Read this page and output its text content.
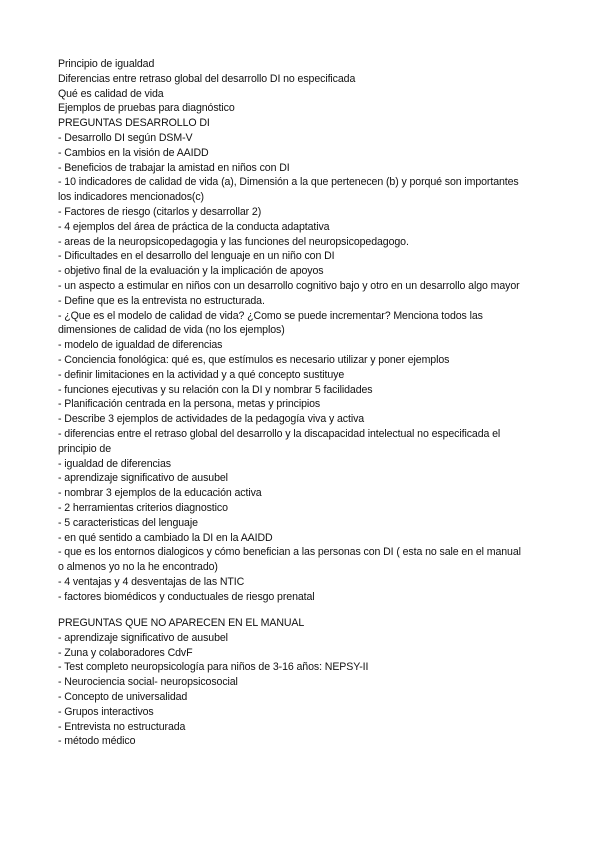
Principio de igualdad
Diferencias entre retraso global del desarrollo DI no especificada
Qué es calidad de vida
Ejemplos de pruebas para diagnóstico
PREGUNTAS DESARROLLO DI
- Desarrollo DI según DSM-V
- Cambios en la visión de AAIDD
- Beneficios de trabajar la amistad en niños con DI
- 10 indicadores de calidad de vida (a), Dimensión a la que pertenecen (b) y porqué son importantes los indicadores mencionados(c)
- Factores de riesgo (citarlos y desarrollar 2)
- 4 ejemplos del área de práctica de la conducta adaptativa
- areas de la neuropsicopedagogia y las funciones del neuropsicopedagogo.
- Dificultades en el desarrollo del lenguaje en un niño con DI
- objetivo final de la evaluación y la implicación de apoyos
- un aspecto a estimular en niños con un desarrollo cognitivo bajo y otro en un desarrollo algo mayor
- Define que es la entrevista no estructurada.
- ¿Que es el modelo de calidad de vida? ¿Como se puede incrementar? Menciona todos las dimensiones de calidad de vida (no los ejemplos)
- modelo de igualdad de diferencias
- Conciencia fonológica: qué es, que estímulos es necesario utilizar y poner ejemplos
- definir limitaciones en la actividad y a qué concepto sustituye
- funciones ejecutivas y su relación con la DI y nombrar 5 facilidades
- Planificación centrada en la persona, metas y principios
- Describe 3 ejemplos de actividades de la pedagogía viva y activa
- diferencias entre el retraso global del desarrollo y la discapacidad intelectual no especificada el principio de
- igualdad de diferencias
- aprendizaje significativo de ausubel
- nombrar 3 ejemplos de la educación activa
- 2 herramientas criterios diagnostico
- 5 caracteristicas del lenguaje
- en qué sentido a cambiado la DI en la AAIDD
- que es los entornos dialogicos y cómo benefician a las personas con DI ( esta no sale en el manual o almenos yo no la he encontrado)
- 4 ventajas y 4 desventajas de las NTIC
- factores biomédicos y conductuales de riesgo prenatal
PREGUNTAS QUE NO APARECEN EN EL MANUAL
- aprendizaje significativo de ausubel
- Zuna y colaboradores CdvF
- Test completo neuropsicología para niños de 3-16 años: NEPSY-II
- Neurociencia social- neuropsicosocial
- Concepto de universalidad
- Grupos interactivos
- Entrevista no estructurada
- método médico
